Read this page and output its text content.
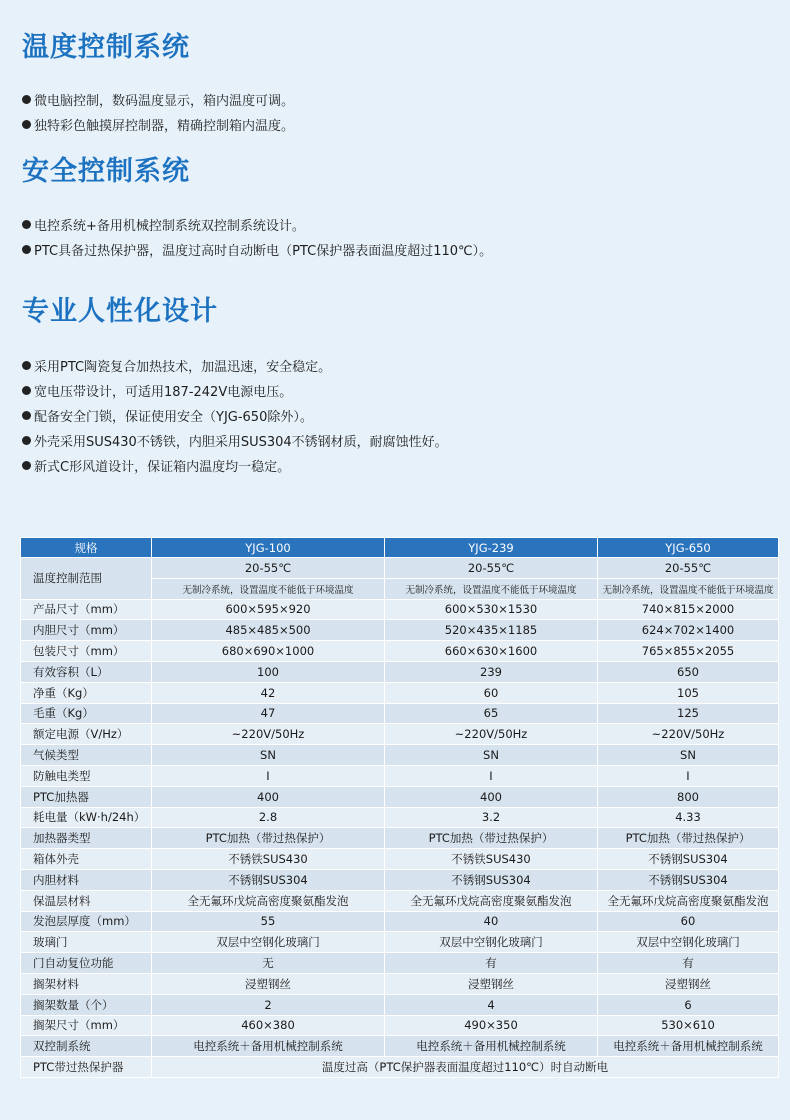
温度控制系统
微电脑控制，数码温度显示，箱内温度可调。
独特彩色触摸屏控制器，精确控制箱内温度。
安全控制系统
电控系统+备用机械控制系统双控制系统设计。
PTC具备过热保护器，温度过高时自动断电（PTC保护器表面温度超过110℃）。
专业人性化设计
采用PTC陶瓷复合加热技术，加温迅速，安全稳定。
宽电压带设计，可适用187-242V电源电压。
配备安全门锁，保证使用安全（YJG-650除外）。
外壳采用SUS430不锈铁，内胆采用SUS304不锈钢材质，耐腐蚀性好。
新式C形风道设计，保证箱内温度均一稳定。
规格	YJG-100	YJG-239	YJG-650
温度控制范围	20-55℃	20-55℃	20-55℃
	无制冷系统，设置温度不能低于环境温度	无制冷系统，设置温度不能低于环境温度	无制冷系统，设置温度不能低于环境温度
产品尺寸（mm）	600×595×920	600×530×1530	740×815×2000
内胆尺寸（mm）	485×485×500	520×435×1185	624×702×1400
包装尺寸（mm）	680×690×1000	660×630×1600	765×855×2055
有效容积（L）	100	239	650
净重（Kg）	42	60	105
毛重（Kg）	47	65	125
额定电源（V/Hz）	~220V/50Hz	~220V/50Hz	~220V/50Hz
气候类型	SN	SN	SN
防触电类型	I	I	I
PTC加热器	400	400	800
耗电量（kW·h/24h）	2.8	3.2	4.33
加热器类型	PTC加热（带过热保护）	PTC加热（带过热保护）	PTC加热（带过热保护）
箱体外壳	不锈铁SUS430	不锈铁SUS430	不锈钢SUS304
内胆材料	不锈钢SUS304	不锈钢SUS304	不锈钢SUS304
保温层材料	全无氟环戊烷高密度聚氨酯发泡	全无氟环戊烷高密度聚氨酯发泡	全无氟环戊烷高密度聚氨酯发泡
发泡层厚度（mm）	55	40	60
玻璃门	双层中空钢化玻璃门	双层中空钢化玻璃门	双层中空钢化玻璃门
门自动复位功能	无	有	有
搁架材料	浸塑钢丝	浸塑钢丝	浸塑钢丝
搁架数量（个）	2	4	6
搁架尺寸（mm）	460×380	490×350	530×610
双控制系统	电控系统＋备用机械控制系统	电控系统＋备用机械控制系统	电控系统＋备用机械控制系统
PTC带过热保护器	温度过高（PTC保护器表面温度超过110℃）时自动断电		
